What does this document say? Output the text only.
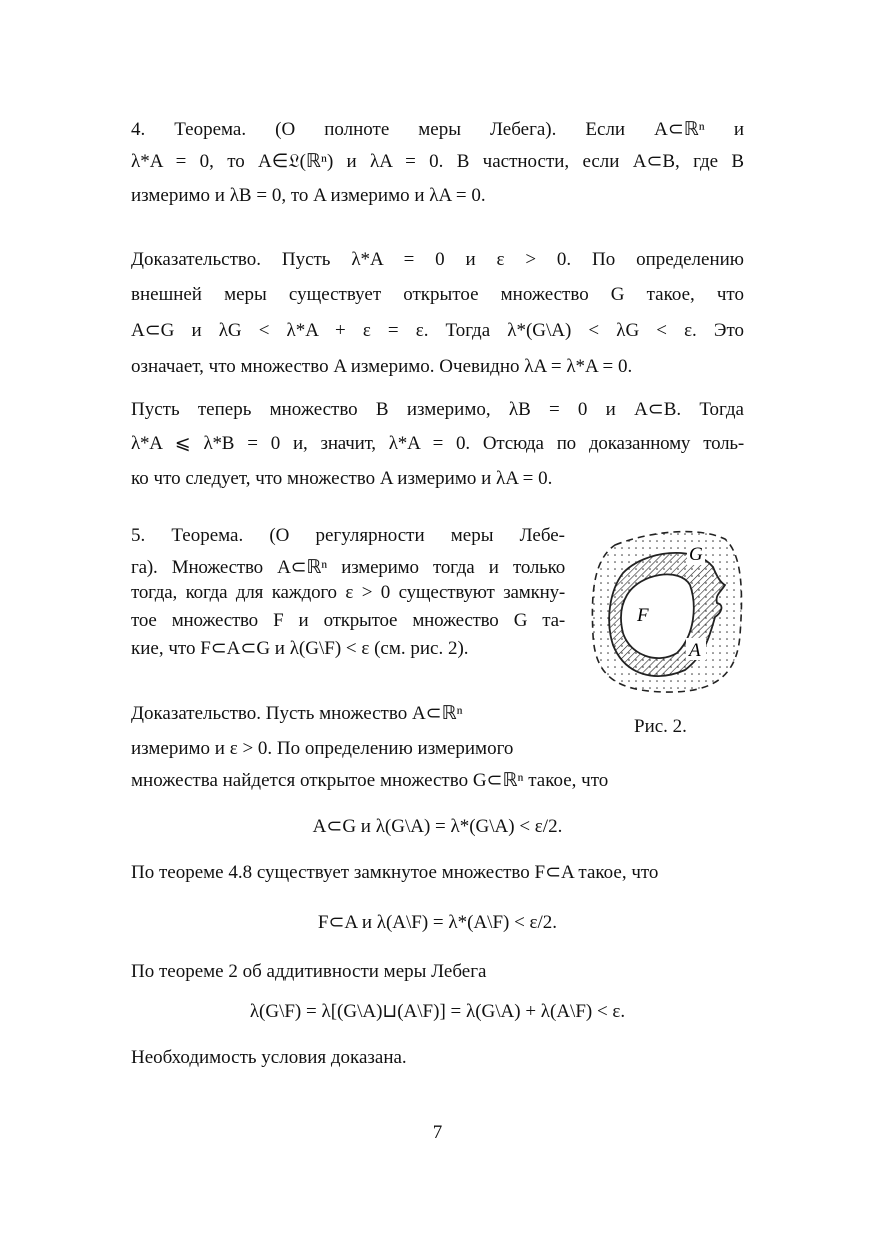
4. Теорема. (О полноте меры Лебега). Если A⊂ℝⁿ и
λ*A = 0, то A∈𝔏(ℝⁿ) и λA = 0. В частности, если A⊂B, где B
измеримо и λB = 0, то A измеримо и λA = 0.
Доказательство. Пусть λ*A = 0 и ε > 0. По определению
внешней меры существует открытое множество G такое, что
A⊂G и λG < λ*A + ε = ε. Тогда λ*(G\A) < λG < ε. Это
означает, что множество A измеримо. Очевидно λA = λ*A = 0.
Пусть теперь множество B измеримо, λB = 0 и A⊂B. Тогда
λ*A ⩽ λ*B = 0 и, значит, λ*A = 0. Отсюда по доказанному толь-
ко что следует, что множество A измеримо и λA = 0.
5. Теорема. (О регулярности меры Лебе-
га). Множество A⊂ℝⁿ измеримо тогда и только
тогда, когда для каждого ε > 0 существуют замкну-
тое множество F и открытое множество G та-
кие, что F⊂A⊂G и λ(G\F) < ε (см. рис. 2).
G
F
A
Рис. 2.
Доказательство. Пусть множество A⊂ℝⁿ
измеримо и ε > 0. По определению измеримого
множества найдется открытое множество G⊂ℝⁿ такое, что
A⊂G и λ(G\A) = λ*(G\A) < ε/2.
По теореме 4.8 существует замкнутое множество F⊂A такое, что
F⊂A и λ(A\F) = λ*(A\F) < ε/2.
По теореме 2 об аддитивности меры Лебега
λ(G\F) = λ[(G\A)⊔(A\F)] = λ(G\A) + λ(A\F) < ε.
Необходимость условия доказана.
7
